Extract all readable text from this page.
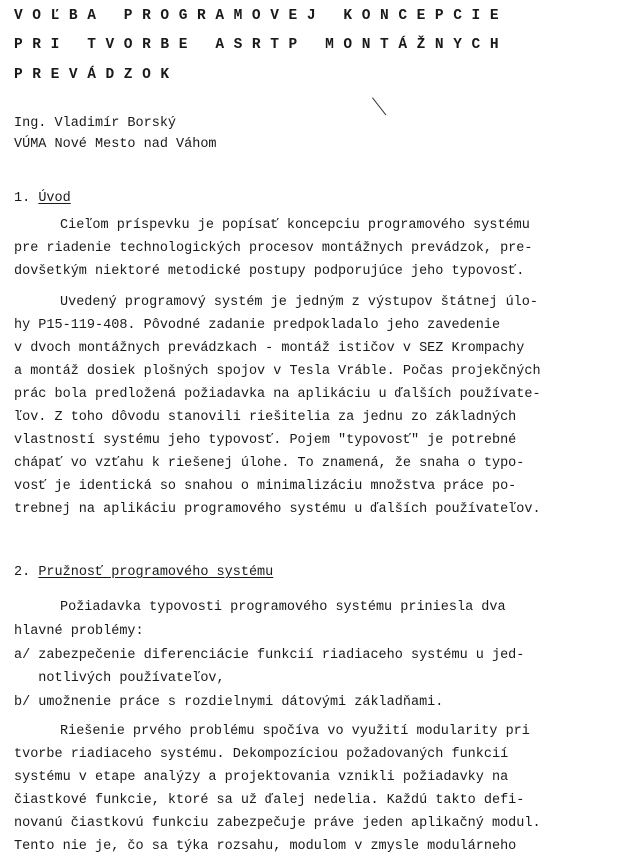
VOĽBA PROGRAMOVEJ KONCEPCIE
PRI TVORBE ASRTP MONTÁŽNYCH
PREVÁDZOK
Ing. Vladimír Borský
VÚMA Nové Mesto nad Váhom
1. Úvod
Cieľom príspevku je popísať koncepciu programového systému
pre riadenie technologických procesov montážnych prevádzok, pre-
dovšetkým niektoré metodické postupy podporujúce jeho typovosť.
Uvedený programový systém je jedným z výstupov štátnej úlo-
hy P15-119-408. Pôvodné zadanie predpokladalo jeho zavedenie
v dvoch montážnych prevádzkach - montáž ističov v SEZ Krompachy
a montáž dosiek plošných spojov v Tesla Vráble. Počas projekčných
prác bola predložená požiadavka na aplikáciu u ďalších používate-
ľov. Z toho dôvodu stanovili riešitelia za jednu zo základných
vlastností systému jeho typovosť. Pojem "typovosť" je potrebné
chápať vo vzťahu k riešenej úlohe. To znamená, že snaha o typo-
vosť je identická so snahou o minimalizáciu množstva práce po-
trebnej na aplikáciu programového systému u ďalších používateľov.
2. Pružnosť programového systému
Požiadavka typovosti programového systému priniesla dva
hlavné problémy:
a/ zabezpečenie diferenciácie funkcií riadiaceho systému u jed-
notlivých používateľov,
b/ umožnenie práce s rozdielnymi dátovými základňami.
Riešenie prvého problému spočíva vo využití modularity pri
tvorbe riadiaceho systému. Dekompozíciou požadovaných funkcií
systému v etape analýzy a projektovania vznikli požiadavky na
čiastkové funkcie, ktoré sa už ďalej nedelia. Každú takto defi-
novanú čiastkovú funkciu zabezpečuje práve jeden aplikačný modul.
Tento nie je, čo sa týka rozsahu, modulom v zmysle modulárneho
